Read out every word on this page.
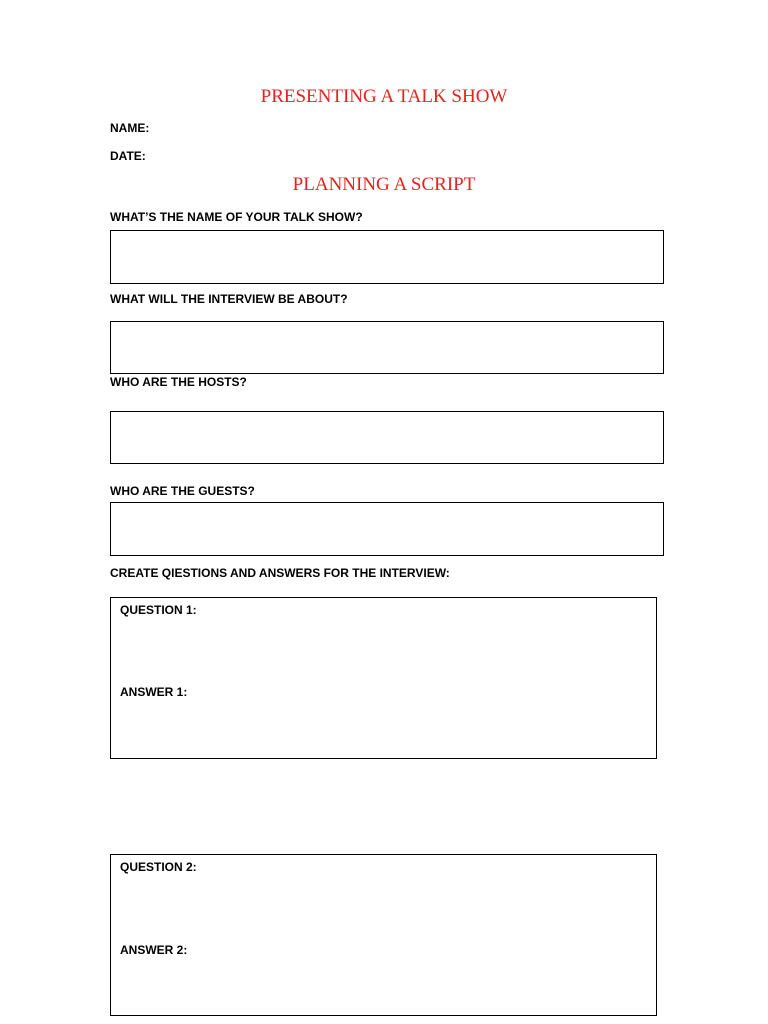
PRESENTING A TALK SHOW
NAME:
DATE:
PLANNING A SCRIPT
WHAT’S THE NAME OF YOUR TALK SHOW?
WHAT WILL THE INTERVIEW BE ABOUT?
WHO ARE THE HOSTS?
WHO ARE THE GUESTS?
CREATE QIESTIONS AND ANSWERS FOR THE INTERVIEW:
QUESTION 1:
ANSWER 1:
QUESTION 2:
ANSWER 2:
